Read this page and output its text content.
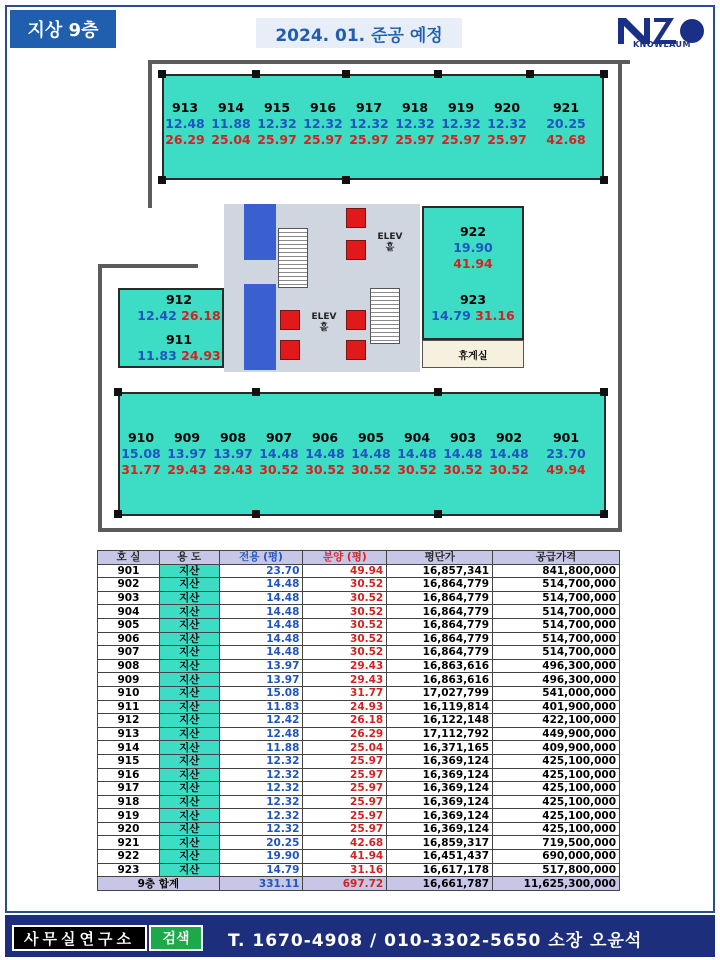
지상 9층	2024. 01. 준공 예정	KNOWLAUM
휴게실
ELEV 홀
ELEV 홀
913
12.48
26.29
914
11.88
25.04
915
12.32
25.97
916
12.32
25.97
917
12.32
25.97
918
12.32
25.97
919
12.32
25.97
920
12.32
25.97
921
20.25
42.68
922
19.90
41.94
923
14.79 31.16
912
12.42 26.18
911
11.83 24.93
910
15.08
31.77
909
13.97
29.43
908
13.97
29.43
907
14.48
30.52
906
14.48
30.52
905
14.48
30.52
904
14.48
30.52
903
14.48
30.52
902
14.48
30.52
901
23.70
49.94
호 실	용 도	전용 (평)	분양 (평)	평단가	공급가격
901	지산	23.70	49.94	16,857,341	841,800,000
902	지산	14.48	30.52	16,864,779	514,700,000
903	지산	14.48	30.52	16,864,779	514,700,000
904	지산	14.48	30.52	16,864,779	514,700,000
905	지산	14.48	30.52	16,864,779	514,700,000
906	지산	14.48	30.52	16,864,779	514,700,000
907	지산	14.48	30.52	16,864,779	514,700,000
908	지산	13.97	29.43	16,863,616	496,300,000
909	지산	13.97	29.43	16,863,616	496,300,000
910	지산	15.08	31.77	17,027,799	541,000,000
911	지산	11.83	24.93	16,119,814	401,900,000
912	지산	12.42	26.18	16,122,148	422,100,000
913	지산	12.48	26.29	17,112,792	449,900,000
914	지산	11.88	25.04	16,371,165	409,900,000
915	지산	12.32	25.97	16,369,124	425,100,000
916	지산	12.32	25.97	16,369,124	425,100,000
917	지산	12.32	25.97	16,369,124	425,100,000
918	지산	12.32	25.97	16,369,124	425,100,000
919	지산	12.32	25.97	16,369,124	425,100,000
920	지산	12.32	25.97	16,369,124	425,100,000
921	지산	20.25	42.68	16,859,317	719,500,000
922	지산	19.90	41.94	16,451,437	690,000,000
923	지산	14.79	31.16	16,617,178	517,800,000
9층 합계		331.11	697.72	16,661,787	11,625,300,000
사무실연구소	검색	T. 1670-4908 / 010-3302-5650 소장 오윤석
